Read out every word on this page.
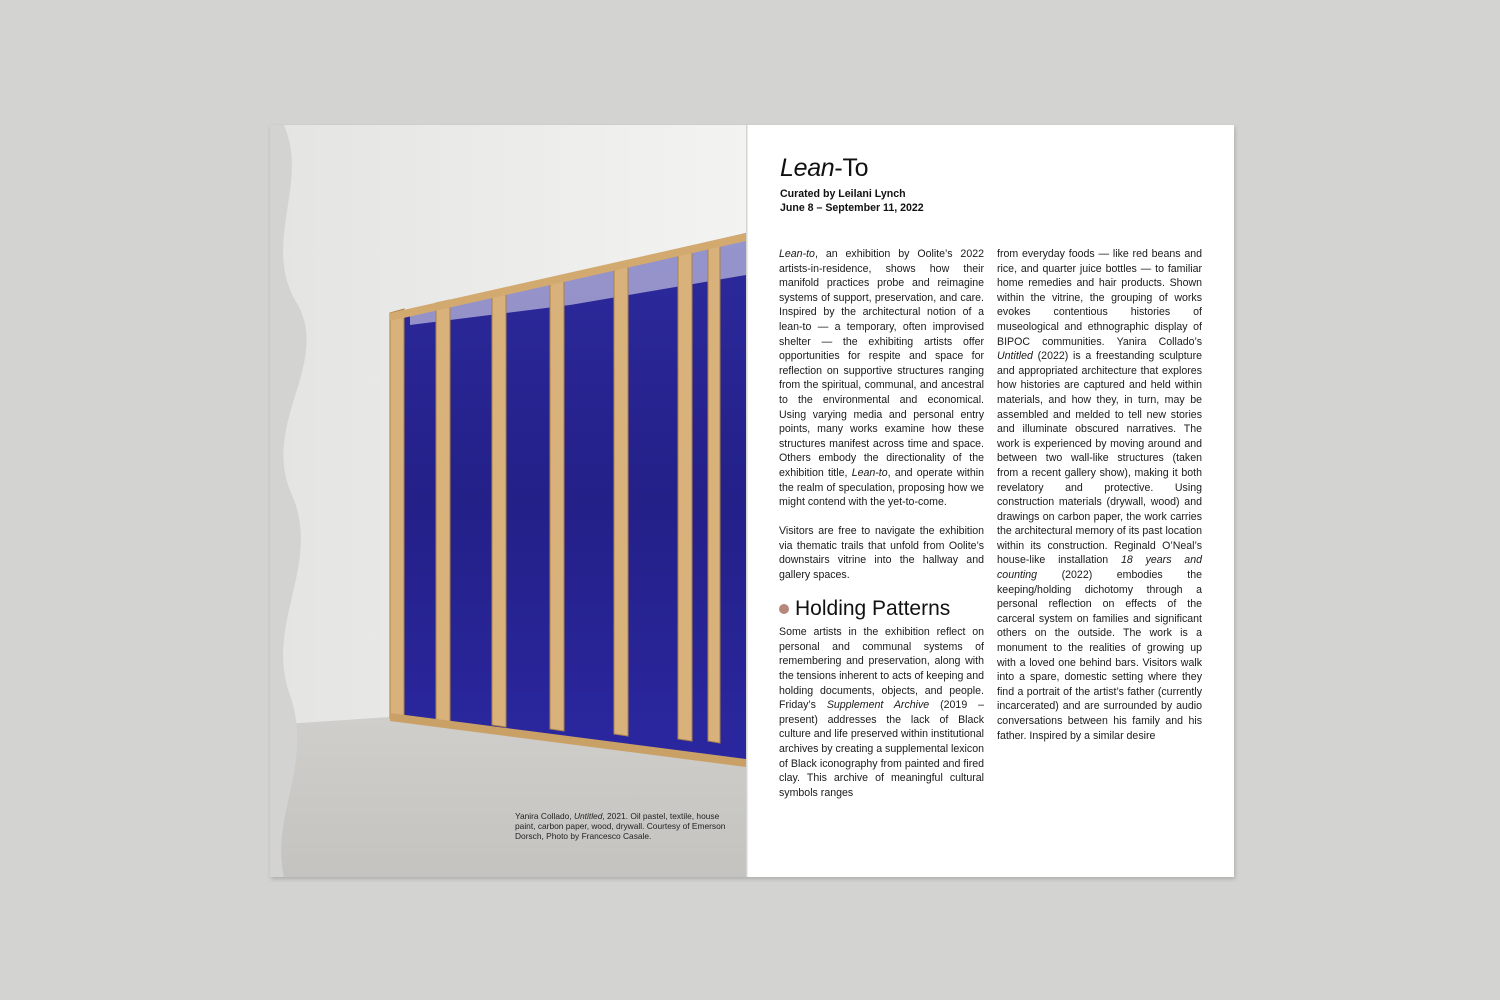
Yanira Collado, Untitled, 2021. Oil pastel, textile, house paint, carbon paper, wood, drywall. Courtesy of Emerson Dorsch, Photo by Francesco Casale.
Lean-To
Curated by Leilani Lynch
June 8 – September 11, 2022

Lean-to, an exhibition by Oolite’s 2022 artists-in-residence, shows how their manifold practices probe and reimagine systems of support, preservation, and care. Inspired by the architectural notion of a lean-to — a temporary, often improvised shelter — the exhibiting artists offer opportunities for respite and space for reflection on supportive structures ranging from the spiritual, communal, and ancestral to the environmental and economical. Using varying media and personal entry points, many works examine how these structures manifest across time and space. Others embody the directionality of the exhibition title, Lean-to, and operate within the realm of speculation, proposing how we might contend with the yet-to-come.

Visitors are free to navigate the exhibition via thematic trails that unfold from Oolite’s downstairs vitrine into the hallway and gallery spaces.

Holding Patterns

Some artists in the exhibition reflect on personal and communal systems of remembering and preservation, along with the tensions inherent to acts of keeping and holding documents, objects, and people. Friday’s Supplement Archive (2019 – present) addresses the lack of Black culture and life preserved within institutional archives by creating a supplemental lexicon of Black iconography from painted and fired clay. This archive of meaningful cultural symbols ranges

from everyday foods — like red beans and rice, and quarter juice bottles — to familiar home remedies and hair products. Shown within the vitrine, the grouping of works evokes contentious histories of museological and ethnographic display of BIPOC communities. Yanira Collado’s Untitled (2022) is a freestanding sculpture and appropriated architecture that explores how histories are captured and held within materials, and how they, in turn, may be assembled and melded to tell new stories and illuminate obscured narratives. The work is experienced by moving around and between two wall-like structures (taken from a recent gallery show), making it both revelatory and protective. Using construction materials (drywall, wood) and drawings on carbon paper, the work carries the architectural memory of its past location within its construction. Reginald O’Neal’s house-like installation 18 years and counting (2022) embodies the keeping/holding dichotomy through a personal reflection on effects of the carceral system on families and significant others on the outside. The work is a monument to the realities of growing up with a loved one behind bars. Visitors walk into a spare, domestic setting where they find a portrait of the artist’s father (currently incarcerated) and are surrounded by audio conversations between his family and his father. Inspired by a similar desire
